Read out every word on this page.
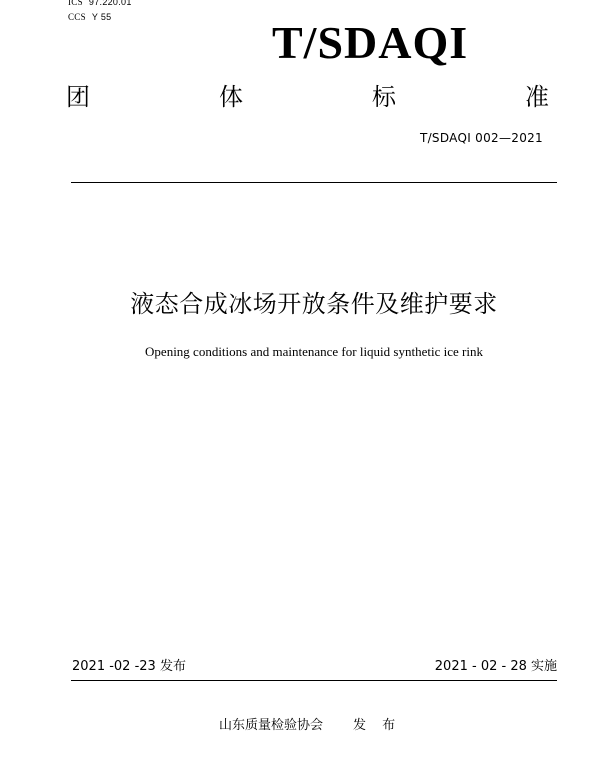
ICS 97.220.01
CCS Y 55	T/SDAQI
团	体	标	准
T/SDAQI 002—2021
液态合成冰场开放条件及维护要求
Opening conditions and maintenance for liquid synthetic ice rink
2021 -02 -23 发布	2021 - 02 - 28 实施
山东质量检验协会 发 布
